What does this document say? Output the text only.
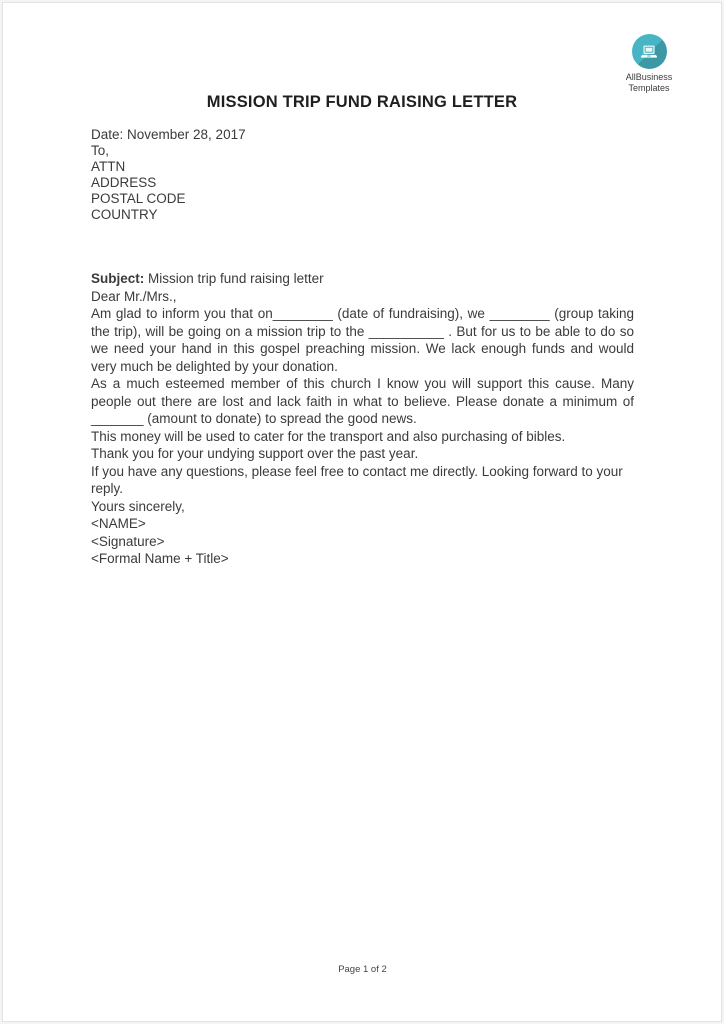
AllBusiness
Templates
MISSION TRIP FUND RAISING LETTER

Date: November 28, 2017

To,
ATTN
ADDRESS
POSTAL CODE
COUNTRY

Subject: Mission trip fund raising letter

Dear Mr./Mrs.,

Am glad to inform you that on________ (date of fundraising), we ________ (group taking the trip), will be going on a mission trip to the __________ . But for us to be able to do so we need your hand in this gospel preaching mission. We lack enough funds and would very much be delighted by your donation.

As a much esteemed member of this church I know you will support this cause. Many people out there are lost and lack faith in what to believe. Please donate a minimum of _______ (amount to donate) to spread the good news.

This money will be used to cater for the transport and also purchasing of bibles.

Thank you for your undying support over the past year.

If you have any questions, please feel free to contact me directly. Looking forward to your reply.

Yours sincerely,

<NAME>

<Signature>

<Formal Name + Title>

Page 1 of 2
